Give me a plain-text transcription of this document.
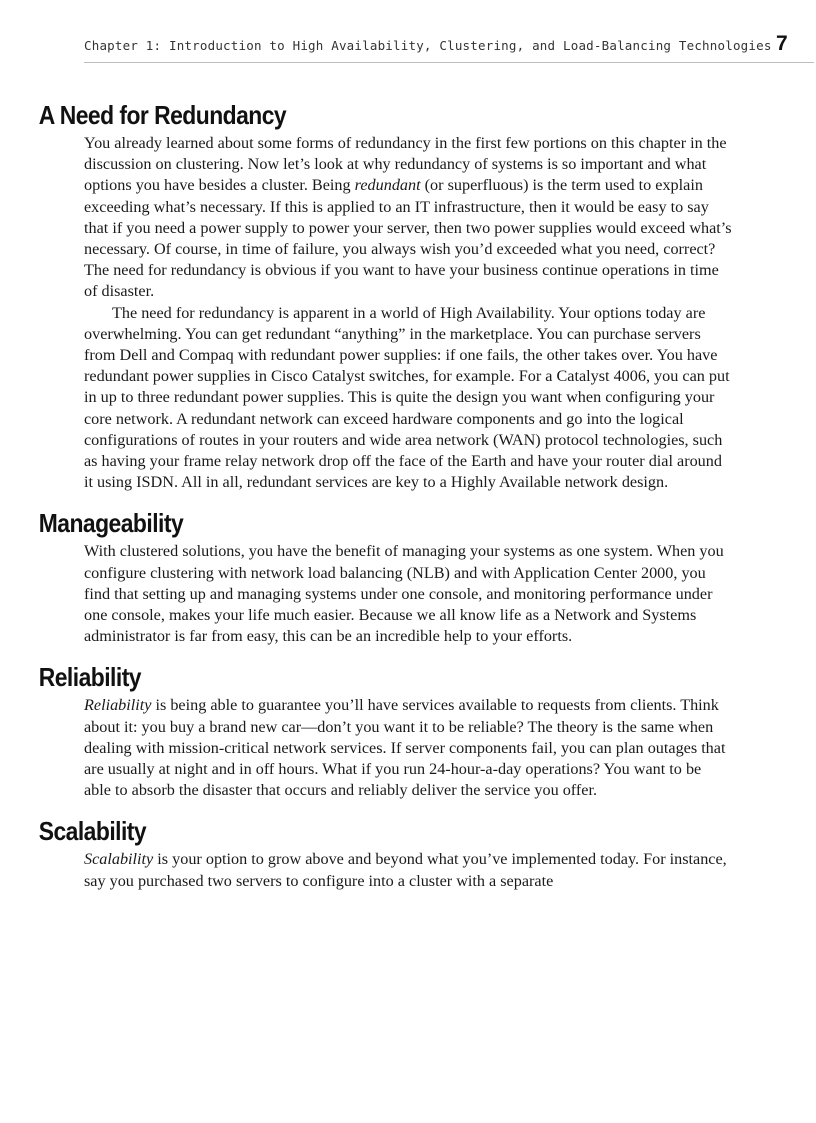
Chapter 1: Introduction to High Availability, Clustering, and Load-Balancing Technologies 7
A Need for Redundancy

You already learned about some forms of redundancy in the first few portions on this chapter in the discussion on clustering. Now let’s look at why redundancy of systems is so important and what options you have besides a cluster. Being redundant (or superfluous) is the term used to explain exceeding what’s necessary. If this is applied to an IT infrastructure, then it would be easy to say that if you need a power supply to power your server, then two power supplies would exceed what’s necessary. Of course, in time of failure, you always wish you’d exceeded what you need, correct? The need for redundancy is obvious if you want to have your business continue operations in time of disaster.

The need for redundancy is apparent in a world of High Availability. Your options today are overwhelming. You can get redundant “anything” in the marketplace. You can purchase servers from Dell and Compaq with redundant power supplies: if one fails, the other takes over. You have redundant power supplies in Cisco Catalyst switches, for example. For a Catalyst 4006, you can put in up to three redundant power supplies. This is quite the design you want when configuring your core network. A redundant network can exceed hardware components and go into the logical configurations of routes in your routers and wide area network (WAN) protocol technologies, such as having your frame relay network drop off the face of the Earth and have your router dial around it using ISDN. All in all, redundant services are key to a Highly Available network design.

Manageability

With clustered solutions, you have the benefit of managing your systems as one system. When you configure clustering with network load balancing (NLB) and with Application Center 2000, you find that setting up and managing systems under one console, and monitoring performance under one console, makes your life much easier. Because we all know life as a Network and Systems administrator is far from easy, this can be an incredible help to your efforts.

Reliability

Reliability is being able to guarantee you’ll have services available to requests from clients. Think about it: you buy a brand new car—don’t you want it to be reliable? The theory is the same when dealing with mission-critical network services. If server components fail, you can plan outages that are usually at night and in off hours. What if you run 24-hour-a-day operations? You want to be able to absorb the disaster that occurs and reliably deliver the service you offer.

Scalability

Scalability is your option to grow above and beyond what you’ve implemented today. For instance, say you purchased two servers to configure into a cluster with a separate
